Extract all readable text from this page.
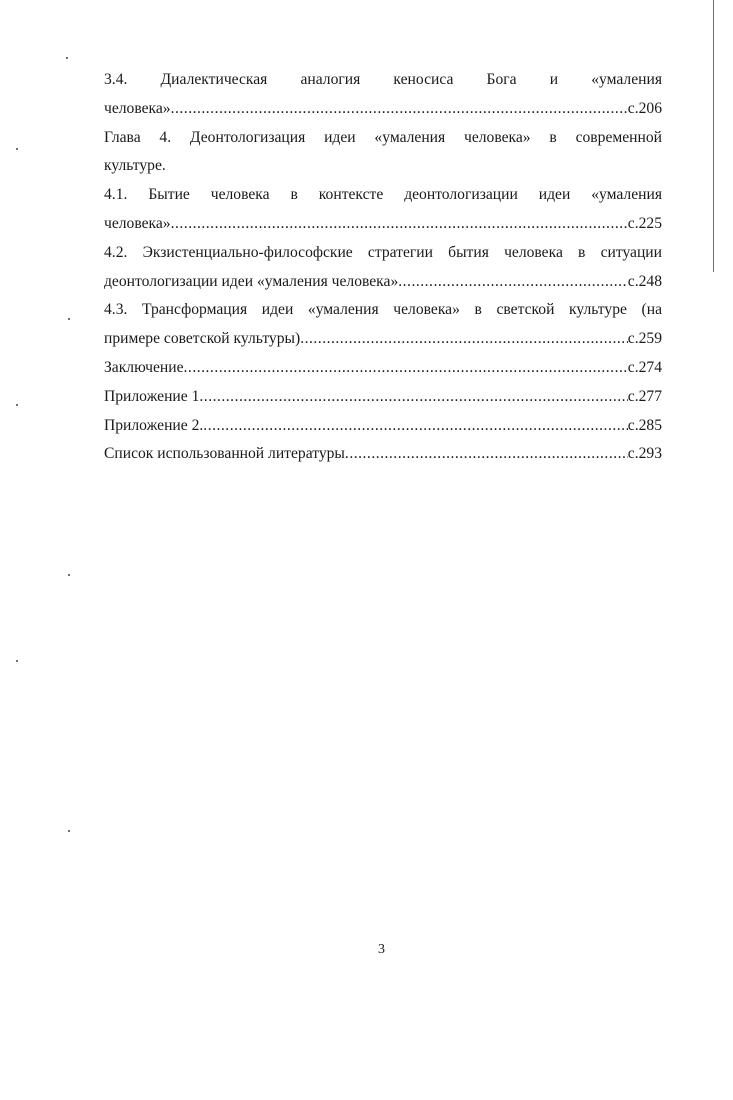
3.4. Диалектическая аналогия кеносиса Бога и «умаления
человека» .....	с.206
Глава 4. Деонтологизация идеи «умаления человека» в современной
культуре.
4.1. Бытие человека в контексте деонтологизации идеи «умаления
человека» .....	с.225
4.2. Экзистенциально-философские стратегии бытия человека в ситуации
деонтологизации идеи «умаления человека» .....	с.248
4.3. Трансформация идеи «умаления человека» в светской культуре (на
примере советской культуры) .....	с.259
Заключение .....	с.274
Приложение 1 .....	с.277
Приложение 2. .....	с.285
Список использованной литературы .....	с.293
3
